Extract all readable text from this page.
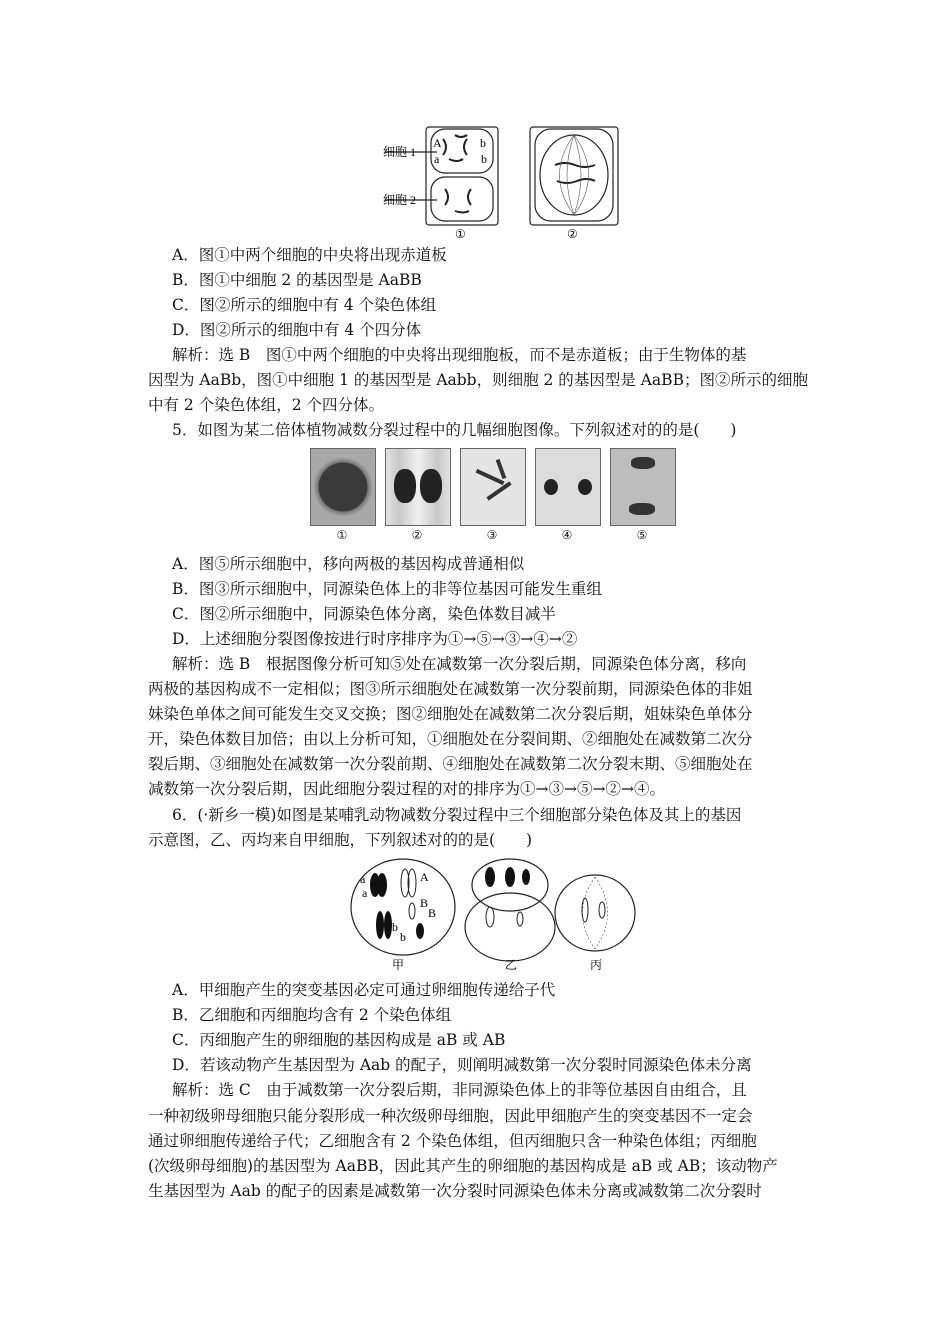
细胞 1
细胞 2
A
a
b
b
①	②
A．图①中两个细胞的中央将出现赤道板
B．图①中细胞 2 的基因型是 AaBB
C．图②所示的细胞中有 4 个染色体组
D．图②所示的细胞中有 4 个四分体
解析：选 B　图①中两个细胞的中央将出现细胞板，而不是赤道板；由于生物体的基
因型为 AaBb，图①中细胞 1 的基因型是 Aabb，则细胞 2 的基因型是 AaBB；图②所示的细胞
中有 2 个染色体组，2 个四分体。
5．如图为某二倍体植物减数分裂过程中的几幅细胞图像。下列叙述对的的是(　　)
①	②	③	④	⑤
A．图⑤所示细胞中，移向两极的基因构成普通相似
B．图③所示细胞中，同源染色体上的非等位基因可能发生重组
C．图②所示细胞中，同源染色体分离，染色体数目减半
D．上述细胞分裂图像按进行时序排序为①→⑤→③→④→②
解析：选 B　根据图像分析可知⑤处在减数第一次分裂后期，同源染色体分离，移向
两极的基因构成不一定相似；图③所示细胞处在减数第一次分裂前期，同源染色体的非姐
妹染色单体之间可能发生交叉交换；图②细胞处在减数第二次分裂后期，姐妹染色单体分
开，染色体数目加倍；由以上分析可知，①细胞处在分裂间期、②细胞处在减数第二次分
裂后期、③细胞处在减数第一次分裂前期、④细胞处在减数第二次分裂末期、⑤细胞处在
减数第一次分裂后期，因此细胞分裂过程的对的排序为①→③→⑤→②→④。
6．(·新乡一模)如图是某哺乳动物减数分裂过程中三个细胞部分染色体及其上的基因
示意图，乙、丙均来自甲细胞，下列叙述对的的是(　　)
a
a
A
B
B
b
b
甲	乙	丙
A．甲细胞产生的突变基因必定可通过卵细胞传递给子代
B．乙细胞和丙细胞均含有 2 个染色体组
C．丙细胞产生的卵细胞的基因构成是 aB 或 AB
D．若该动物产生基因型为 Aab 的配子，则阐明减数第一次分裂时同源染色体未分离
解析：选 C　由于减数第一次分裂后期，非同源染色体上的非等位基因自由组合，且
一种初级卵母细胞只能分裂形成一种次级卵母细胞，因此甲细胞产生的突变基因不一定会
通过卵细胞传递给子代；乙细胞含有 2 个染色体组，但丙细胞只含一种染色体组；丙细胞
(次级卵母细胞)的基因型为 AaBB，因此其产生的卵细胞的基因构成是 aB 或 AB；该动物产
生基因型为 Aab 的配子的因素是减数第一次分裂时同源染色体未分离或减数第二次分裂时
